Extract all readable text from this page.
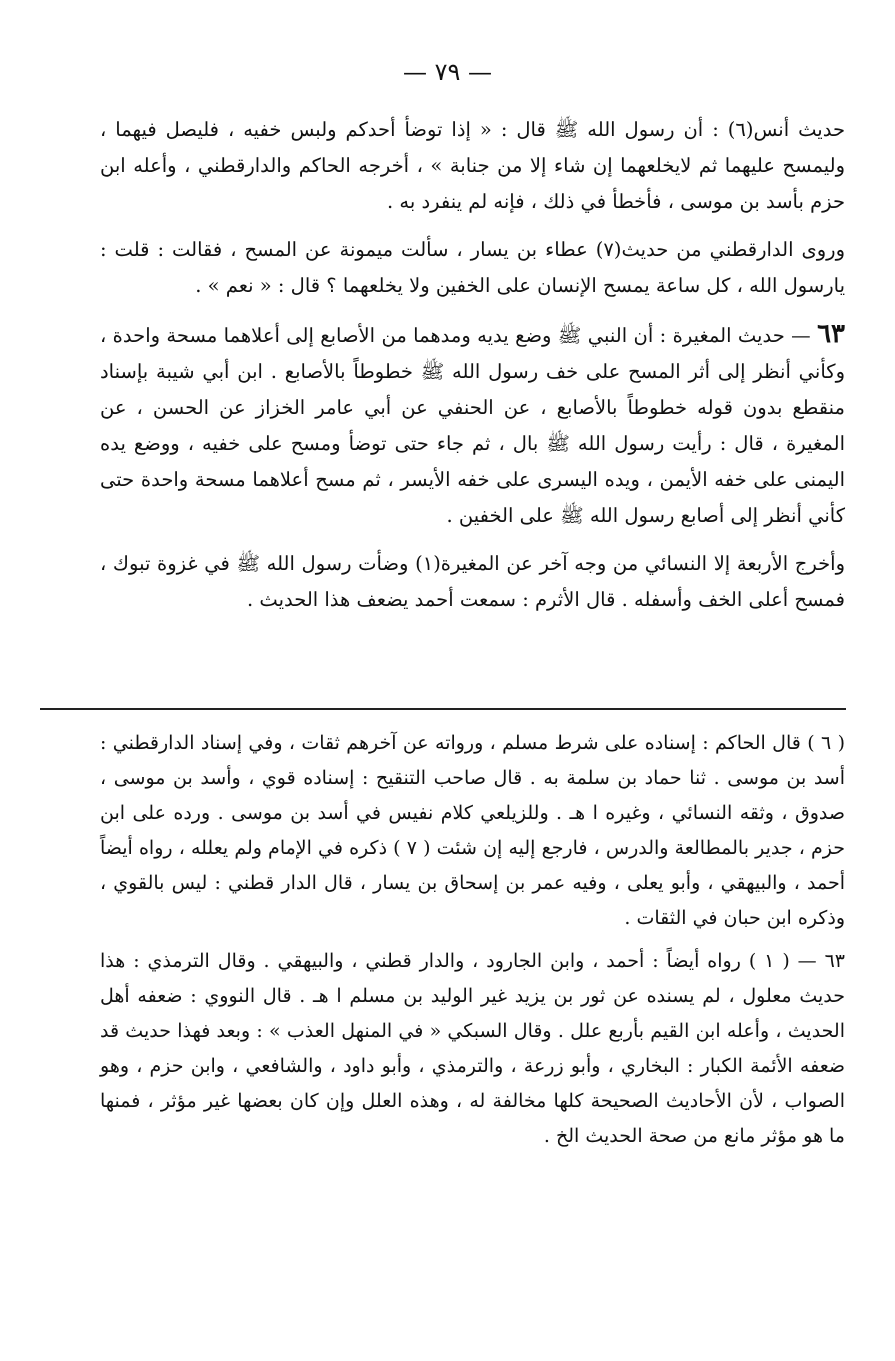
— ٧٩ —

حديث أنس(٦) : أن رسول الله ﷺ قال : « إذا توضأ أحدكم ولبس خفيه ، فليصل فيهما ، وليمسح عليهما ثم لايخلعهما إن شاء إلا من جنابة » ، أخرجه الحاكم والدارقطني ، وأعله ابن حزم بأسد بن موسى ، فأخطأ في ذلك ، فإنه لم ينفرد به .

وروى الدارقطني من حديث(٧) عطاء بن يسار ، سألت ميمونة عن المسح ، فقالت : قلت : يارسول الله ، كل ساعة يمسح الإنسان على الخفين ولا يخلعهما ؟ قال : « نعم » .

٦٣ — حديث المغيرة : أن النبي ﷺ وضع يديه ومدهما من الأصابع إلى أعلاهما مسحة واحدة ، وكأني أنظر إلى أثر المسح على خف رسول الله ﷺ خطوطاً بالأصابع . ابن أبي شيبة بإسناد منقطع بدون قوله خطوطاً بالأصابع ، عن الحنفي عن أبي عامر الخزاز عن الحسن ، عن المغيرة ، قال : رأيت رسول الله ﷺ بال ، ثم جاء حتى توضأ ومسح على خفيه ، ووضع يده اليمنى على خفه الأيمن ، ويده اليسرى على خفه الأيسر ، ثم مسح أعلاهما مسحة واحدة حتى كأني أنظر إلى أصابع رسول الله ﷺ على الخفين .

وأخرج الأربعة إلا النسائي من وجه آخر عن المغيرة(١) وضأت رسول الله ﷺ في غزوة تبوك ، فمسح أعلى الخف وأسفله . قال الأثرم : سمعت أحمد يضعف هذا الحديث .

( ٦ ) قال الحاكم : إسناده على شرط مسلم ، ورواته عن آخرهم ثقات ، وفي إسناد الدارقطني : أسد بن موسى . ثنا حماد بن سلمة به . قال صاحب التنقيح : إسناده قوي ، وأسد بن موسى ، صدوق ، وثقه النسائي ، وغيره ا هـ . وللزيلعي كلام نفيس في أسد بن موسى . ورده على ابن حزم ، جدير بالمطالعة والدرس ، فارجع إليه إن شئت ( ٧ ) ذكره في الإمام ولم يعلله ، رواه أيضاً أحمد ، والبيهقي ، وأبو يعلى ، وفيه عمر بن إسحاق بن يسار ، قال الدار قطني : ليس بالقوي ، وذكره ابن حبان في الثقات .

٦٣ — ( ١ ) رواه أيضاً : أحمد ، وابن الجارود ، والدار قطني ، والبيهقي . وقال الترمذي : هذا حديث معلول ، لم يسنده عن ثور بن يزيد غير الوليد بن مسلم ا هـ . قال النووي : ضعفه أهل الحديث ، وأعله ابن القيم بأربع علل . وقال السبكي « في المنهل العذب » : وبعد فهذا حديث قد ضعفه الأئمة الكبار : البخاري ، وأبو زرعة ، والترمذي ، وأبو داود ، والشافعي ، وابن حزم ، وهو الصواب ، لأن الأحاديث الصحيحة كلها مخالفة له ، وهذه العلل وإن كان بعضها غير مؤثر ، فمنها ما هو مؤثر مانع من صحة الحديث الخ .
